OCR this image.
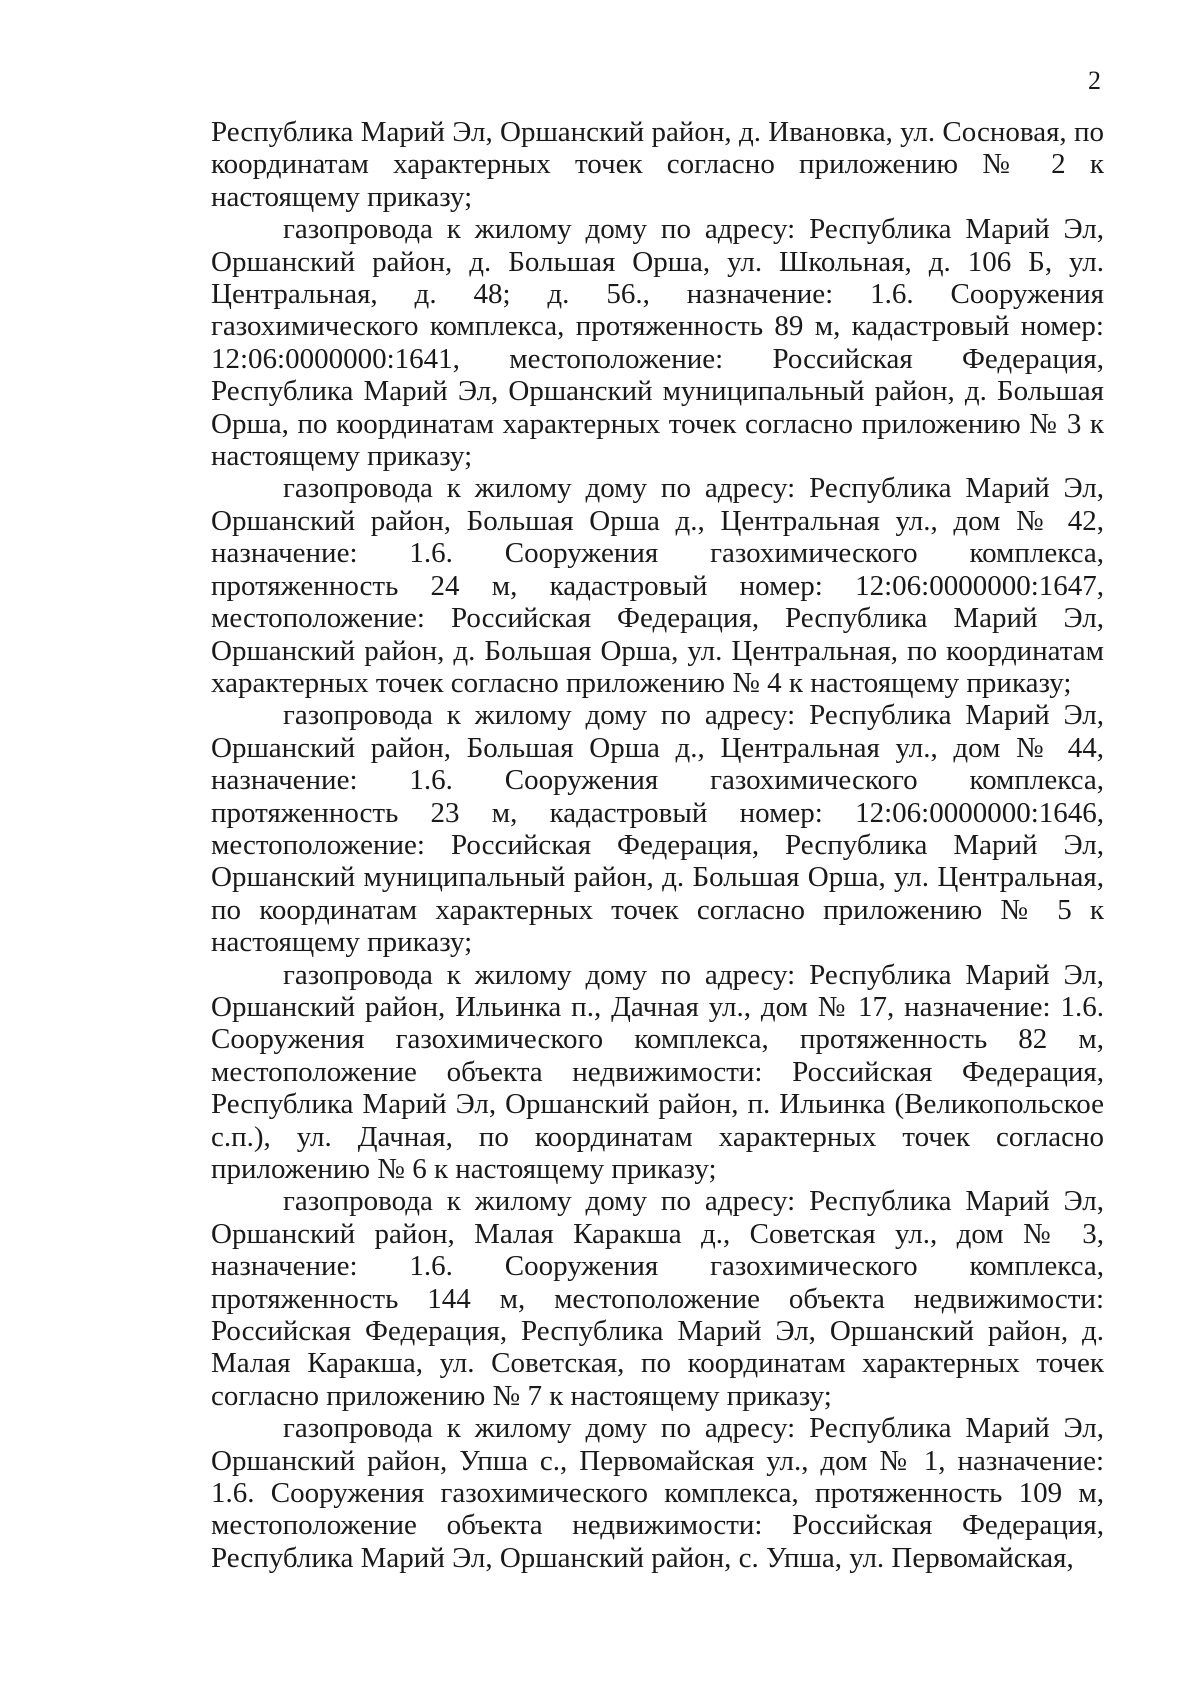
2

Республика Марий Эл, Оршанский район, д. Ивановка, ул. Сосновая, по координатам характерных точек согласно приложению № 2 к настоящему приказу;

газопровода к жилому дому по адресу: Республика Марий Эл, Оршанский район, д. Большая Орша, ул. Школьная, д. 106 Б, ул. Центральная, д. 48; д. 56., назначение: 1.6. Сооружения газохимического комплекса, протяженность 89 м, кадастровый номер: 12:06:0000000:1641, местоположение: Российская Федерация, Республика Марий Эл, Оршанский муниципальный район, д. Большая Орша, по координатам характерных точек согласно приложению № 3 к настоящему приказу;

газопровода к жилому дому по адресу: Республика Марий Эл, Оршанский район, Большая Орша д., Центральная ул., дом № 42, назначение: 1.6. Сооружения газохимического комплекса, протяженность 24 м, кадастровый номер: 12:06:0000000:1647, местоположение: Российская Федерация, Республика Марий Эл, Оршанский район, д. Большая Орша, ул. Центральная, по координатам характерных точек согласно приложению № 4 к настоящему приказу;

газопровода к жилому дому по адресу: Республика Марий Эл, Оршанский район, Большая Орша д., Центральная ул., дом № 44, назначение: 1.6. Сооружения газохимического комплекса, протяженность 23 м, кадастровый номер: 12:06:0000000:1646, местоположение: Российская Федерация, Республика Марий Эл, Оршанский муниципальный район, д. Большая Орша, ул. Центральная, по координатам характерных точек согласно приложению № 5 к настоящему приказу;

газопровода к жилому дому по адресу: Республика Марий Эл, Оршанский район, Ильинка п., Дачная ул., дом № 17, назначение: 1.6. Сооружения газохимического комплекса, протяженность 82 м, местоположение объекта недвижимости: Российская Федерация, Республика Марий Эл, Оршанский район, п. Ильинка (Великопольское с.п.), ул. Дачная, по координатам характерных точек согласно приложению № 6 к настоящему приказу;

газопровода к жилому дому по адресу: Республика Марий Эл, Оршанский район, Малая Каракша д., Советская ул., дом № 3, назначение: 1.6. Сооружения газохимического комплекса, протяженность 144 м, местоположение объекта недвижимости: Российская Федерация, Республика Марий Эл, Оршанский район, д. Малая Каракша, ул. Советская, по координатам характерных точек согласно приложению № 7 к настоящему приказу;

газопровода к жилому дому по адресу: Республика Марий Эл, Оршанский район, Упша с., Первомайская ул., дом № 1, назначение: 1.6. Сооружения газохимического комплекса, протяженность 109 м, местоположение объекта недвижимости: Российская Федерация, Республика Марий Эл, Оршанский район, с. Упша, ул. Первомайская,
